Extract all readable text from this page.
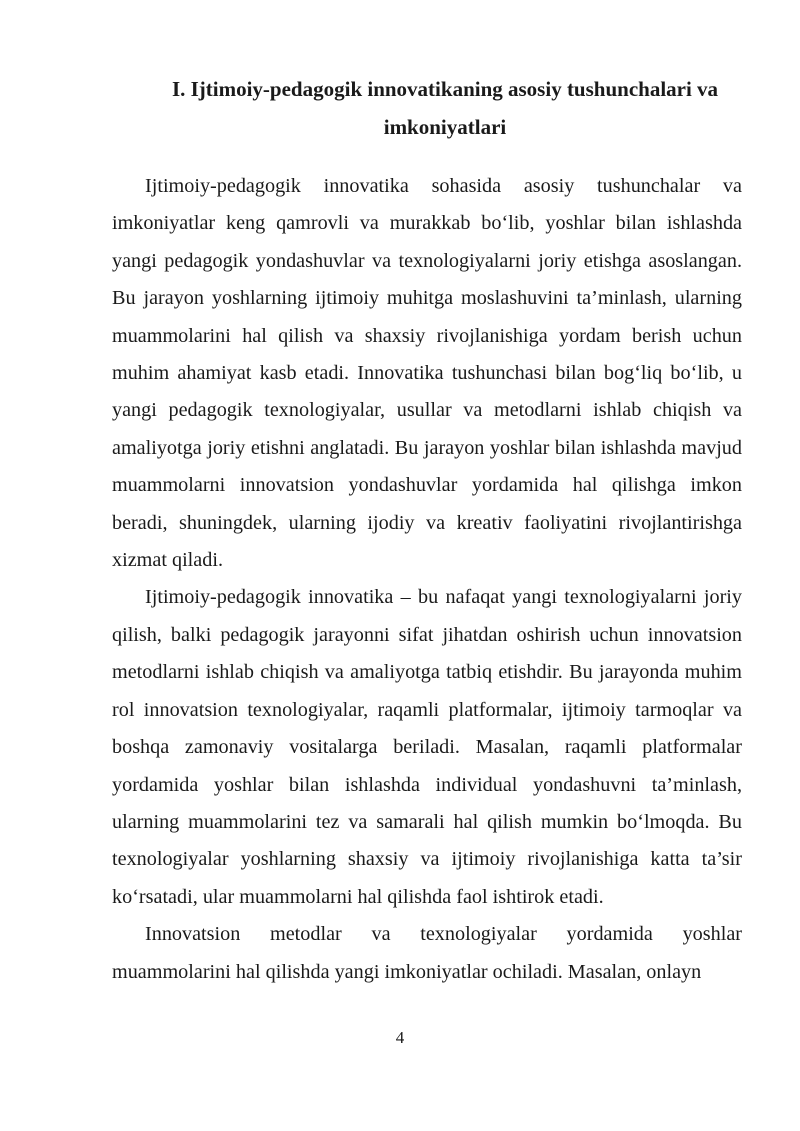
I. Ijtimoiy-pedagogik innovatikaning asosiy tushunchalari va
imkoniyatlari

Ijtimoiy-pedagogik innovatika sohasida asosiy tushunchalar va imkoniyatlar keng qamrovli va murakkab bo‘lib, yoshlar bilan ishlashda yangi pedagogik yondashuvlar va texnologiyalarni joriy etishga asoslangan. Bu jarayon yoshlarning ijtimoiy muhitga moslashuvini ta’minlash, ularning muammolarini hal qilish va shaxsiy rivojlanishiga yordam berish uchun muhim ahamiyat kasb etadi. Innovatika tushunchasi bilan bog‘liq bo‘lib, u yangi pedagogik texnologiyalar, usullar va metodlarni ishlab chiqish va amaliyotga joriy etishni anglatadi. Bu jarayon yoshlar bilan ishlashda mavjud muammolarni innovatsion yondashuvlar yordamida hal qilishga imkon beradi, shuningdek, ularning ijodiy va kreativ faoliyatini rivojlantirishga xizmat qiladi.

Ijtimoiy-pedagogik innovatika – bu nafaqat yangi texnologiyalarni joriy qilish, balki pedagogik jarayonni sifat jihatdan oshirish uchun innovatsion metodlarni ishlab chiqish va amaliyotga tatbiq etishdir. Bu jarayonda muhim rol innovatsion texnologiyalar, raqamli platformalar, ijtimoiy tarmoqlar va boshqa zamonaviy vositalarga beriladi. Masalan, raqamli platformalar yordamida yoshlar bilan ishlashda individual yondashuvni ta’minlash, ularning muammolarini tez va samarali hal qilish mumkin bo‘lmoqda. Bu texnologiyalar yoshlarning shaxsiy va ijtimoiy rivojlanishiga katta ta’sir ko‘rsatadi, ular muammolarni hal qilishda faol ishtirok etadi.

Innovatsion metodlar va texnologiyalar yordamida yoshlar muammolarini hal qilishda yangi imkoniyatlar ochiladi. Masalan, onlayn

4
